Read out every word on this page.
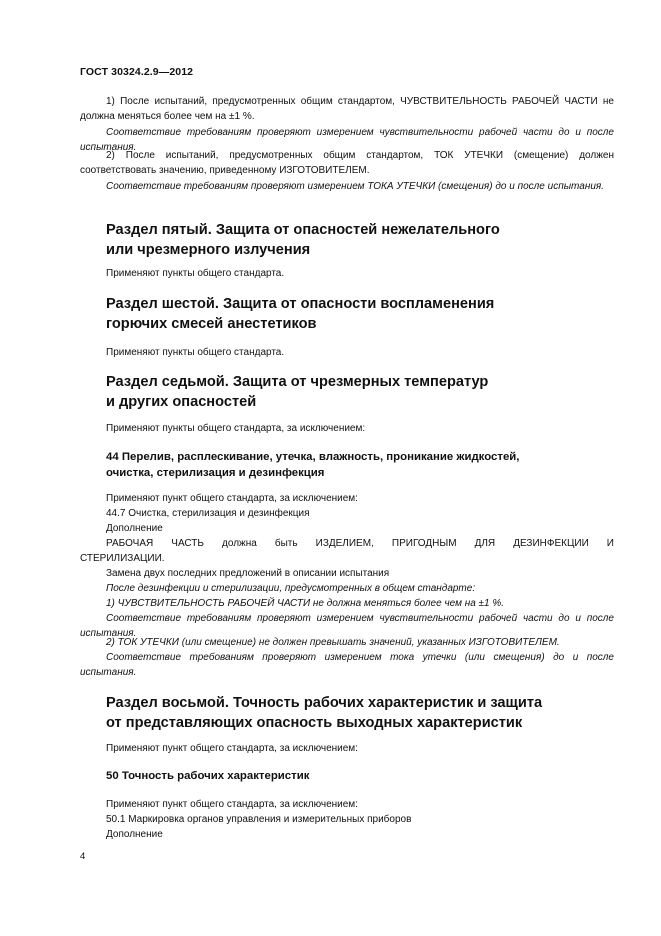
ГОСТ 30324.2.9—2012

1) После испытаний, предусмотренных общим стандартом, ЧУВСТВИТЕЛЬНОСТЬ РАБОЧЕЙ ЧАСТИ не должна меняться более чем на ±1 %.

Соответствие требованиям проверяют измерением чувствительности рабочей части до и после испытания.

2) После испытаний, предусмотренных общим стандартом, ТОК УТЕЧКИ (смещение) должен соответствовать значению, приведенному ИЗГОТОВИТЕЛЕМ.

Соответствие требованиям проверяют измерением ТОКА УТЕЧКИ (смещения) до и после испытания.

Раздел пятый. Защита от опасностей нежелательного
или чрезмерного излучения

Применяют пункты общего стандарта.

Раздел шестой. Защита от опасности воспламенения
горючих смесей анестетиков

Применяют пункты общего стандарта.

Раздел седьмой. Защита от чрезмерных температур
и других опасностей

Применяют пункты общего стандарта, за исключением:

44 Перелив, расплескивание, утечка, влажность, проникание жидкостей,
очистка, стерилизация и дезинфекция

Применяют пункт общего стандарта, за исключением:

44.7 Очистка, стерилизация и дезинфекция

Дополнение

РАБОЧАЯ ЧАСТЬ должна быть ИЗДЕЛИЕМ, ПРИГОДНЫМ ДЛЯ ДЕЗИНФЕКЦИИ И

СТЕРИЛИЗАЦИИ.

Замена двух последних предложений в описании испытания

После дезинфекции и стерилизации, предусмотренных в общем стандарте:

1) ЧУВСТВИТЕЛЬНОСТЬ РАБОЧЕЙ ЧАСТИ не должна меняться более чем на ±1 %.

Соответствие требованиям проверяют измерением чувствительности рабочей части до и после испытания.

2) ТОК УТЕЧКИ (или смещение) не должен превышать значений, указанных ИЗГОТОВИТЕЛЕМ.

Соответствие требованиям проверяют измерением тока утечки (или смещения) до и после испытания.

Раздел восьмой. Точность рабочих характеристик и защита
от представляющих опасность выходных характеристик

Применяют пункт общего стандарта, за исключением:

50 Точность рабочих характеристик

Применяют пункт общего стандарта, за исключением:

50.1 Маркировка органов управления и измерительных приборов

Дополнение

4
